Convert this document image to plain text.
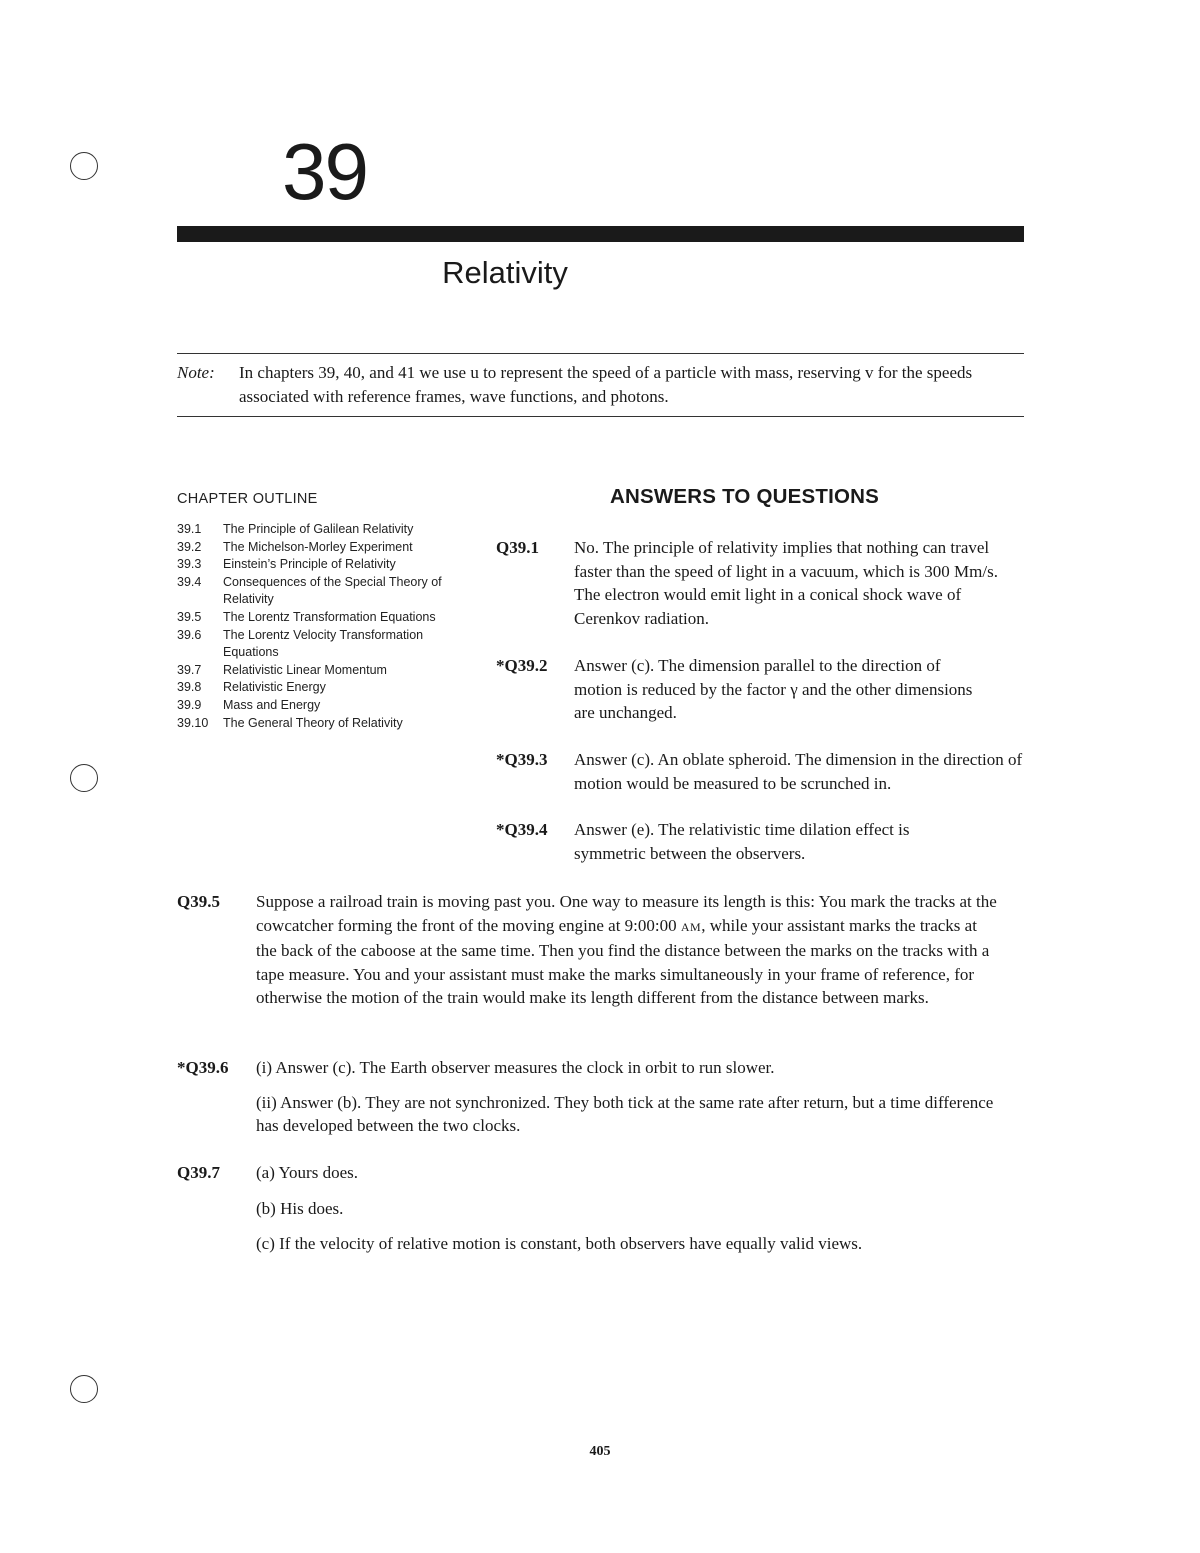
39
Relativity
Note: In chapters 39, 40, and 41 we use u to represent the speed of a particle with mass, reserving v for the speeds associated with reference frames, wave functions, and photons.
CHAPTER OUTLINE
39.1	The Principle of Galilean Relativity
39.2	The Michelson-Morley Experiment
39.3	Einstein’s Principle of Relativity
39.4	Consequences of the Special Theory of Relativity
39.5	The Lorentz Transformation Equations
39.6	The Lorentz Velocity Transformation Equations
39.7	Relativistic Linear Momentum
39.8	Relativistic Energy
39.9	Mass and Energy
39.10	The General Theory of Relativity
ANSWERS TO QUESTIONS
Q39.1 No. The principle of relativity implies that nothing can travel faster than the speed of light in a vacuum, which is 300 Mm/s. The electron would emit light in a conical shock wave of Cerenkov radiation.
*Q39.2 Answer (c). The dimension parallel to the direction of motion is reduced by the factor γ and the other dimensions are unchanged.
*Q39.3 Answer (c). An oblate spheroid. The dimension in the direction of motion would be measured to be scrunched in.
*Q39.4 Answer (e). The relativistic time dilation effect is symmetric between the observers.
Q39.5 Suppose a railroad train is moving past you. One way to measure its length is this: You mark the tracks at the cowcatcher forming the front of the moving engine at 9:00:00 AM, while your assistant marks the tracks at the back of the caboose at the same time. Then you find the distance between the marks on the tracks with a tape measure. You and your assistant must make the marks simultaneously in your frame of reference, for otherwise the motion of the train would make its length different from the distance between marks.
*Q39.6 (i) Answer (c). The Earth observer measures the clock in orbit to run slower.

(ii) Answer (b). They are not synchronized. They both tick at the same rate after return, but a time difference has developed between the two clocks.

Q39.7 (a) Yours does.

(b) His does.

(c) If the velocity of relative motion is constant, both observers have equally valid views.

405
